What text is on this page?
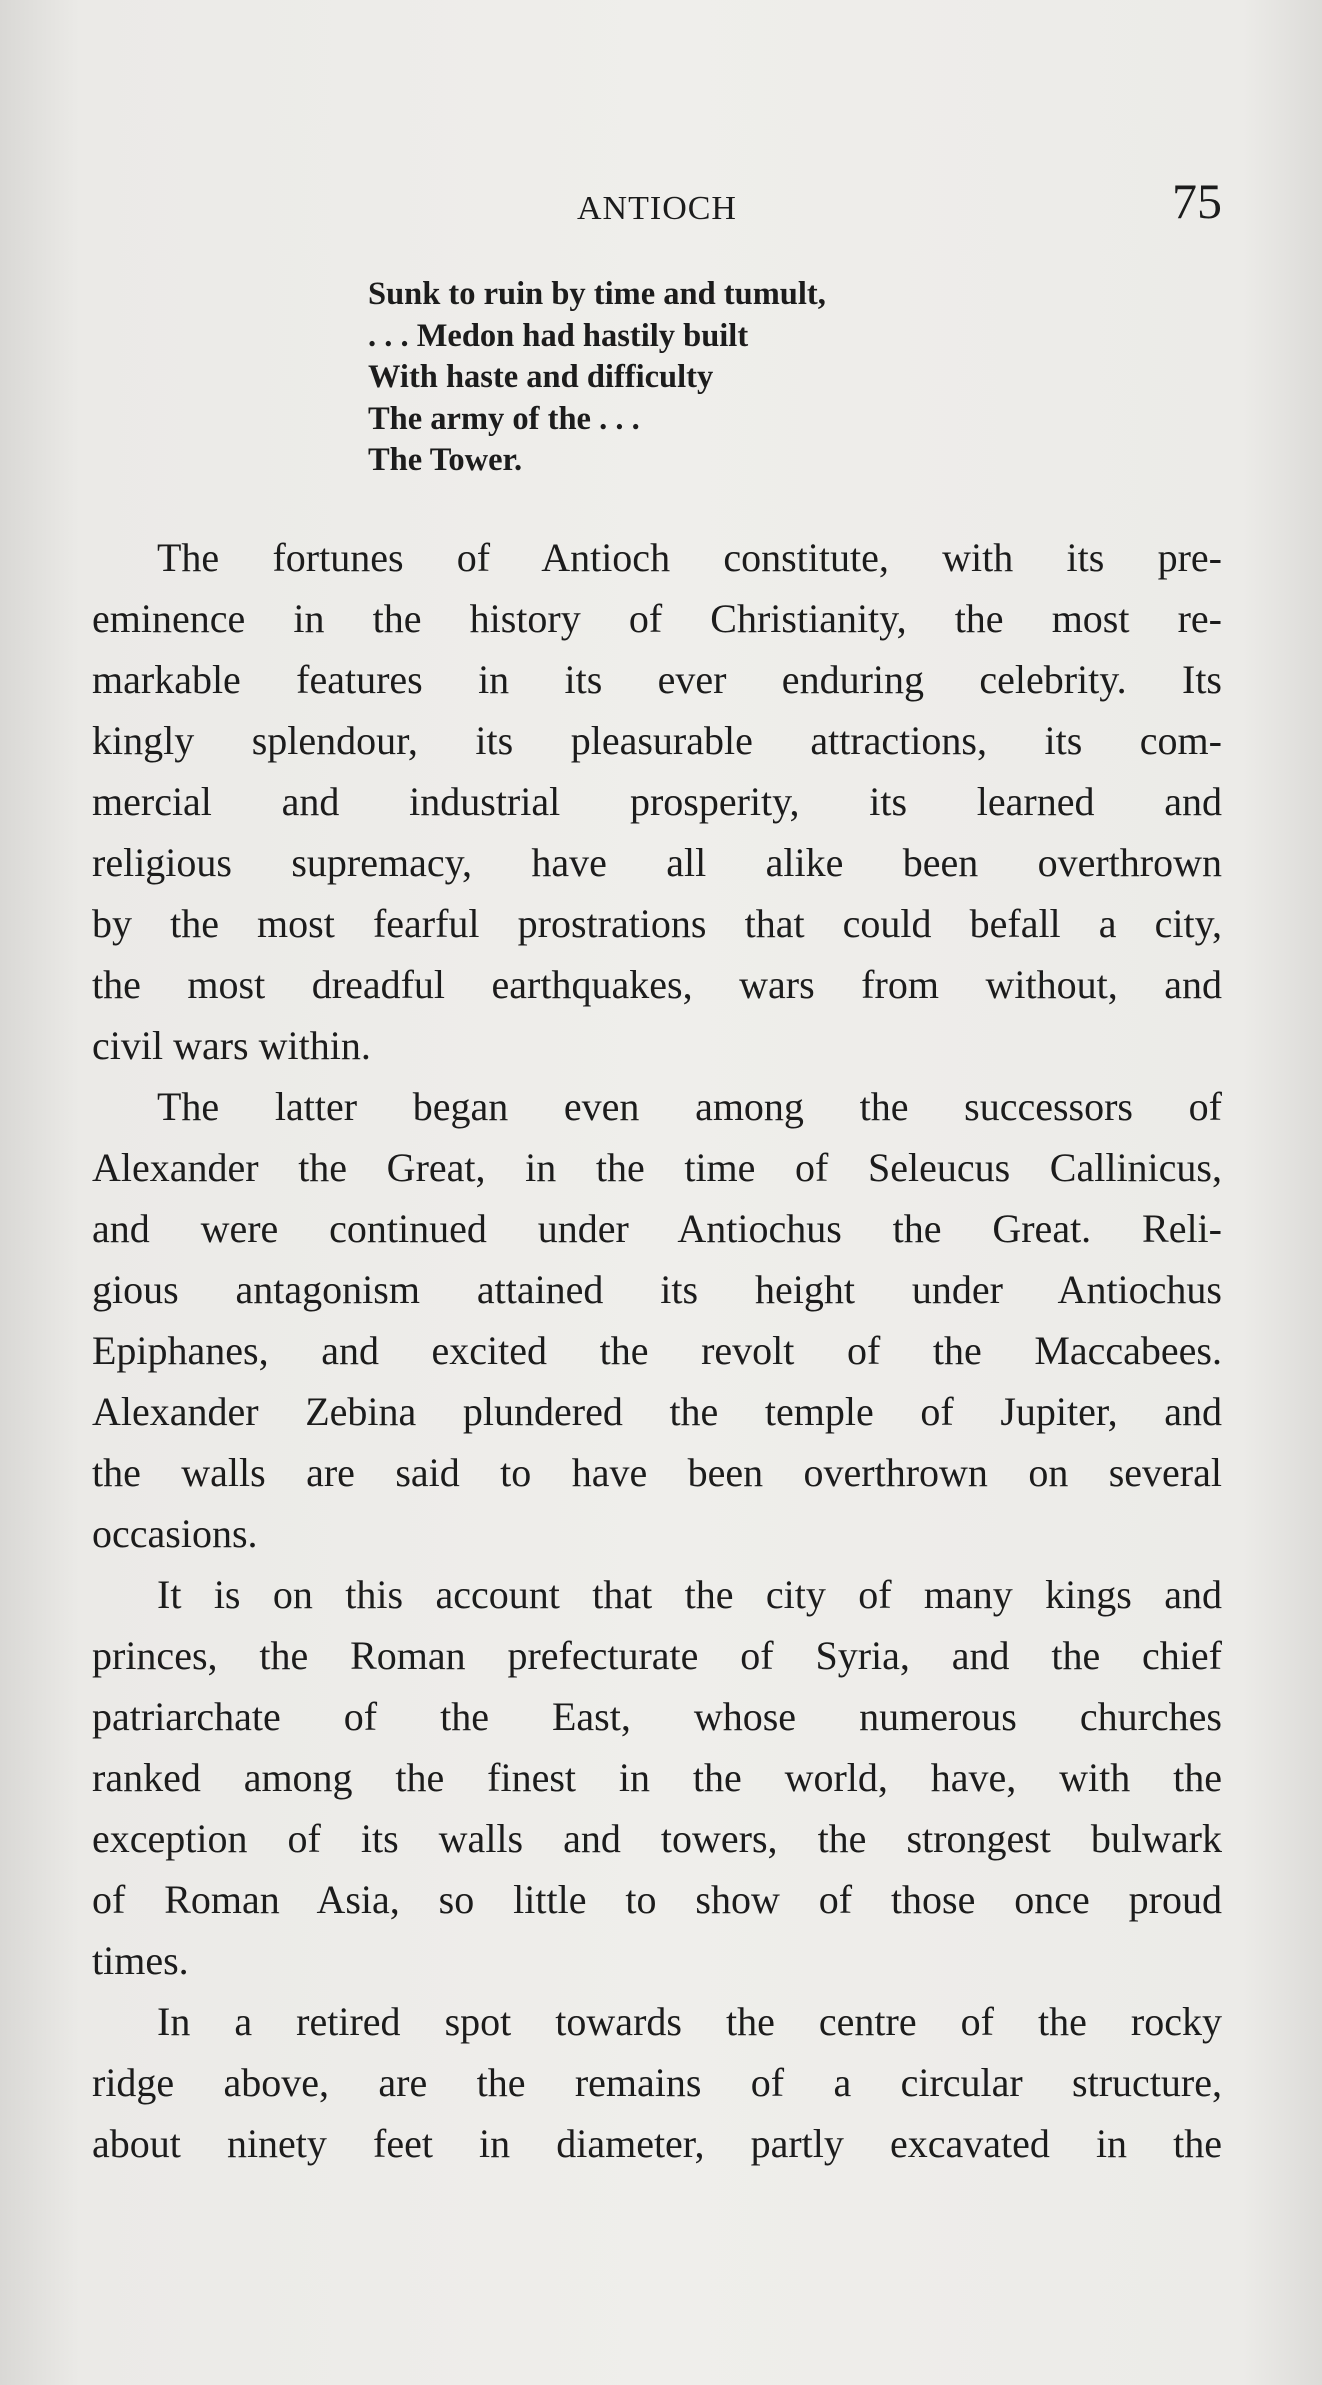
ANTIOCH	75
Sunk to ruin by time and tumult,
. . . Medon had hastily built
With haste and difficulty
The army of the . . .
The Tower.
The fortunes of Antioch constitute, with its pre-
eminence in the history of Christianity, the most re-
markable features in its ever enduring celebrity. Its
kingly splendour, its pleasurable attractions, its com-
mercial and industrial prosperity, its learned and
religious supremacy, have all alike been overthrown
by the most fearful prostrations that could befall a city,
the most dreadful earthquakes, wars from without, and
civil wars within.
The latter began even among the successors of
Alexander the Great, in the time of Seleucus Callinicus,
and were continued under Antiochus the Great. Reli-
gious antagonism attained its height under Antiochus
Epiphanes, and excited the revolt of the Maccabees.
Alexander Zebina plundered the temple of Jupiter, and
the walls are said to have been overthrown on several
occasions.
It is on this account that the city of many kings and
princes, the Roman prefecturate of Syria, and the chief
patriarchate of the East, whose numerous churches
ranked among the finest in the world, have, with the
exception of its walls and towers, the strongest bulwark
of Roman Asia, so little to show of those once proud
times.
In a retired spot towards the centre of the rocky
ridge above, are the remains of a circular structure,
about ninety feet in diameter, partly excavated in the
